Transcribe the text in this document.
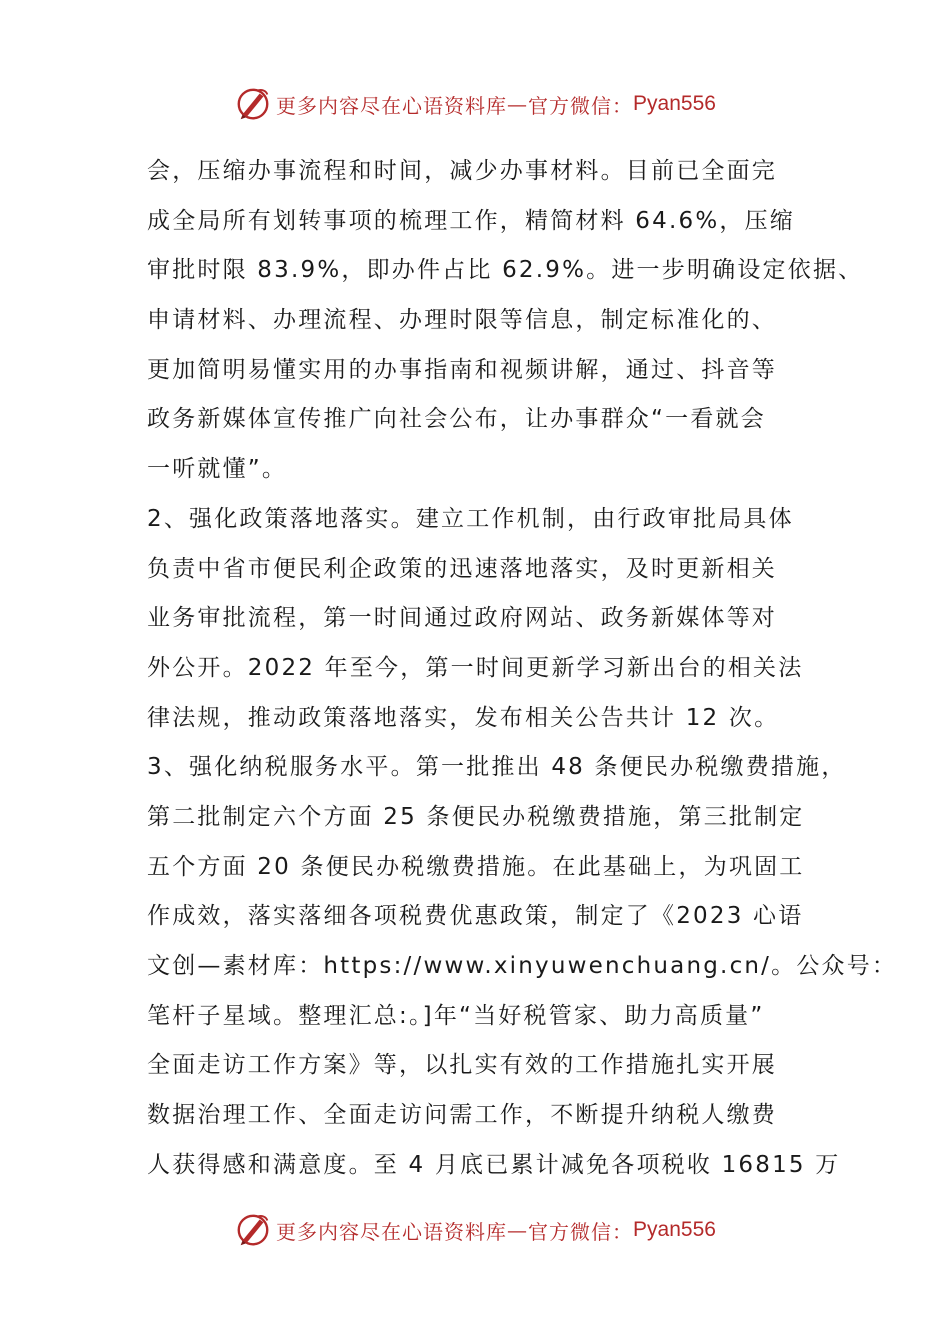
更多内容尽在心语资料库 — 官方微信： Pyan556
会，压缩办事流程和时间，减少办事材料。目前已全面完
成全局所有划转事项的梳理工作，精简材料 64.6%，压缩
审批时限 83.9%，即办件占比 62.9%。进一步明确设定依据、
申请材料、办理流程、办理时限等信息，制定标准化的、
更加简明易懂实用的办事指南和视频讲解，通过、抖音等
政务新媒体宣传推广向社会公布，让办事群众“一看就会
一听就懂”。
2、强化政策落地落实。建立工作机制，由行政审批局具体
负责中省市便民利企政策的迅速落地落实，及时更新相关
业务审批流程，第一时间通过政府网站、政务新媒体等对
外公开。2022 年至今，第一时间更新学习新出台的相关法
律法规，推动政策落地落实，发布相关公告共计 12 次。
3、强化纳税服务水平。第一批推出 48 条便民办税缴费措施，
第二批制定六个方面 25 条便民办税缴费措施，第三批制定
五个方面 20 条便民办税缴费措施。在此基础上，为巩固工
作成效，落实落细各项税费优惠政策，制定了《2023 心语
文创—素材库：https://www.xinyuwenchuang.cn/。公众号：
笔杆子星域。整理汇总:。]年“当好税管家、助力高质量”
全面走访工作方案》等，以扎实有效的工作措施扎实开展
数据治理工作、全面走访问需工作，不断提升纳税人缴费
人获得感和满意度。至 4 月底已累计减免各项税收 16815 万
更多内容尽在心语资料库 — 官方微信： Pyan556
